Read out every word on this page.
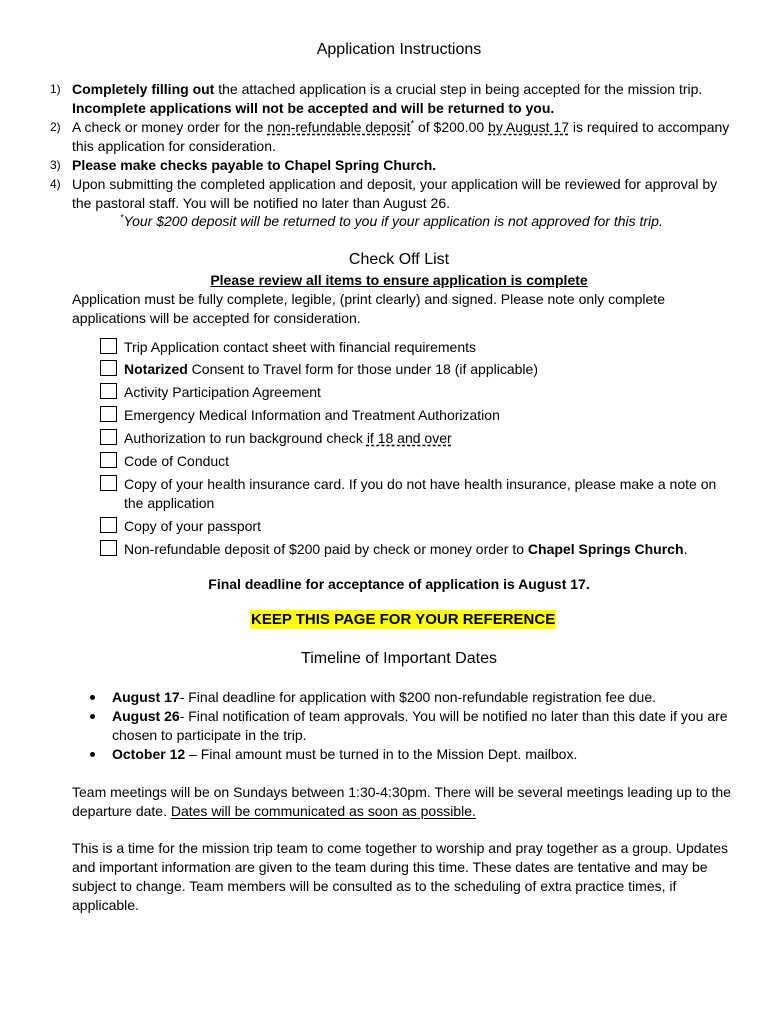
Application Instructions
1) Completely filling out the attached application is a crucial step in being accepted for the mission trip. Incomplete applications will not be accepted and will be returned to you.
2) A check or money order for the non-refundable deposit* of $200.00 by August 17 is required to accompany this application for consideration.
3) Please make checks payable to Chapel Spring Church.
4) Upon submitting the completed application and deposit, your application will be reviewed for approval by the pastoral staff. You will be notified no later than August 26.
*Your $200 deposit will be returned to you if your application is not approved for this trip.
Check Off List
Please review all items to ensure application is complete
Application must be fully complete, legible, (print clearly) and signed. Please note only complete applications will be accepted for consideration.
Trip Application contact sheet with financial requirements
Notarized Consent to Travel form for those under 18 (if applicable)
Activity Participation Agreement
Emergency Medical Information and Treatment Authorization
Authorization to run background check if 18 and over
Code of Conduct
Copy of your health insurance card. If you do not have health insurance, please make a note on the application
Copy of your passport
Non-refundable deposit of $200 paid by check or money order to Chapel Springs Church.
Final deadline for acceptance of application is August 17.
KEEP THIS PAGE FOR YOUR REFERENCE
Timeline of Important Dates
August 17- Final deadline for application with $200 non-refundable registration fee due.
August 26- Final notification of team approvals. You will be notified no later than this date if you are chosen to participate in the trip.
October 12 – Final amount must be turned in to the Mission Dept. mailbox.

Team meetings will be on Sundays between 1:30-4:30pm. There will be several meetings leading up to the departure date. Dates will be communicated as soon as possible.

This is a time for the mission trip team to come together to worship and pray together as a group. Updates and important information are given to the team during this time. These dates are tentative and may be subject to change. Team members will be consulted as to the scheduling of extra practice times, if applicable.
